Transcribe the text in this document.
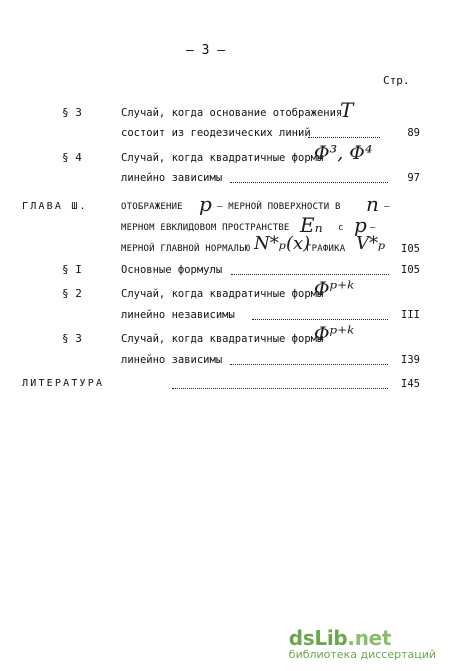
– 3 –
Стр.
§ 3	Случай, когда основание отображения
T
состоит из геодезических линий	89
§ 4	Случай, когда квадратичные формы
Φ³, Φ⁴
линейно зависимы	97
ГЛАВА Ш.	ОТОБРАЖЕНИЕ p – МЕРНОЙ ПОВЕРХНОСТИ В n –
МЕРНОМ ЕВКЛИДОВОМ ПРОСТРАНСТВЕ Eₙ с p –
МЕРНОЙ ГЛАВНОЙ НОРМАЛЬЮ N*ₚ(x)
ГРАФИКА V*ₚ	I05
§ I	Основные формулы	I05
§ 2	Случай, когда квадратичные формы
Φᵖ⁺ᵏ
линейно независимы	III
§ 3	Случай, когда квадратичные формы
Φᵖ⁺ᵏ
линейно зависимы	I39
ЛИТЕРАТУРА	I45
dsLib.net
библиотека диссертаций
